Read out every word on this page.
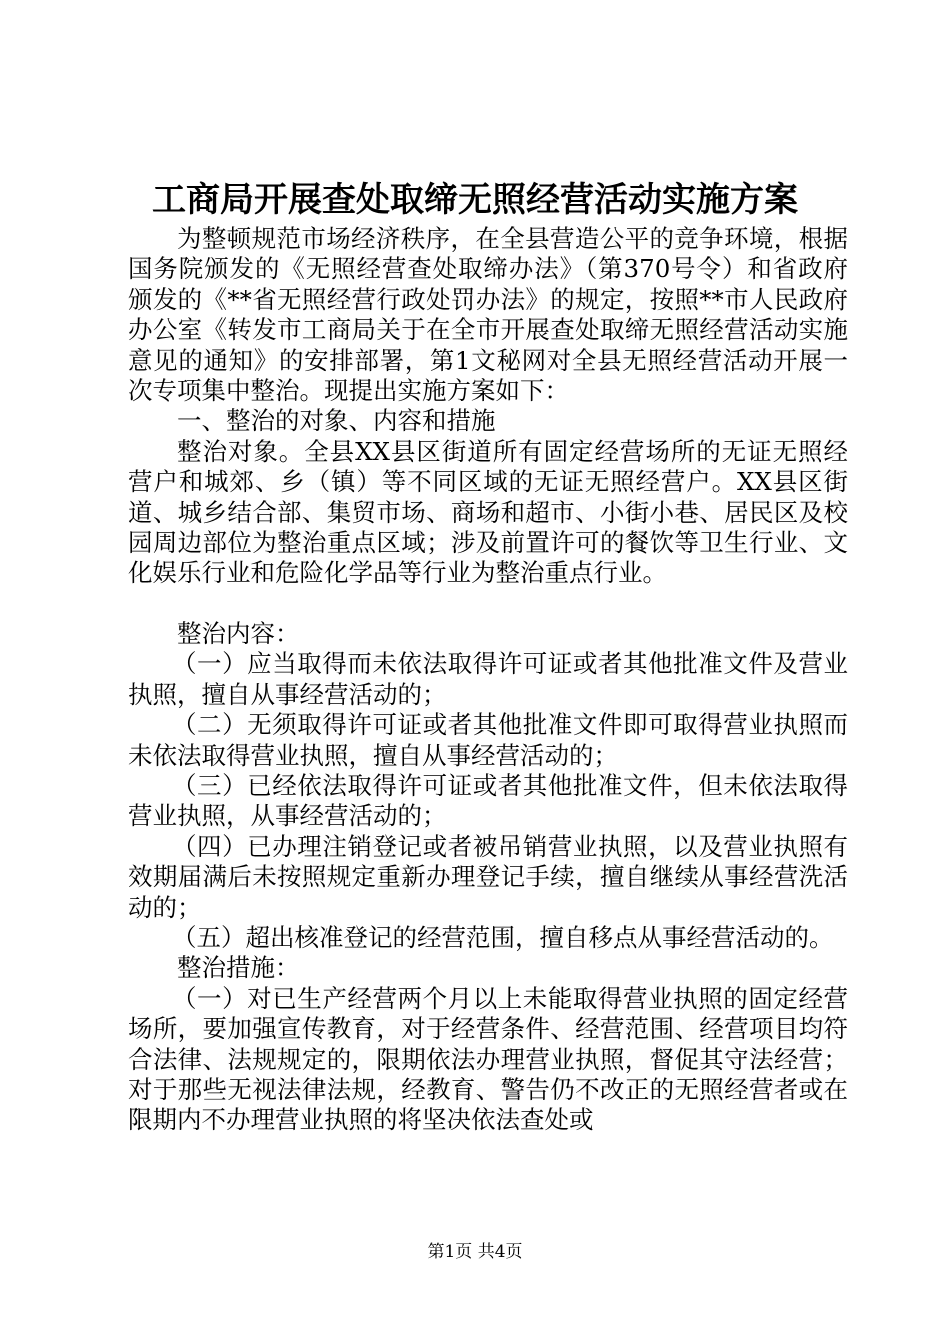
工商局开展查处取缔无照经营活动实施方案

为整顿规范市场经济秩序，在全县营造公平的竞争环境，根据国务院颁发的《无照经营查处取缔办法》（第370号令）和省政府颁发的《**省无照经营行政处罚办法》的规定，按照**市人民政府办公室《转发市工商局关于在全市开展查处取缔无照经营活动实施意见的通知》的安排部署，第1文秘网对全县无照经营活动开展一次专项集中整治。现提出实施方案如下：

一、整治的对象、内容和措施

整治对象。全县XX县区街道所有固定经营场所的无证无照经营户和城郊、乡（镇）等不同区域的无证无照经营户。XX县区街道、城乡结合部、集贸市场、商场和超市、小街小巷、居民区及校园周边部位为整治重点区域；涉及前置许可的餐饮等卫生行业、文化娱乐行业和危险化学品等行业为整治重点行业。

整治内容：

（一）应当取得而未依法取得许可证或者其他批准文件及营业执照，擅自从事经营活动的；

（二）无须取得许可证或者其他批准文件即可取得营业执照而未依法取得营业执照，擅自从事经营活动的；

（三）已经依法取得许可证或者其他批准文件，但未依法取得营业执照，从事经营活动的；

（四）已办理注销登记或者被吊销营业执照，以及营业执照有效期届满后未按照规定重新办理登记手续，擅自继续从事经营洗活动的；

（五）超出核准登记的经营范围，擅自移点从事经营活动的。

整治措施：

（一）对已生产经营两个月以上未能取得营业执照的固定经营场所，要加强宣传教育，对于经营条件、经营范围、经营项目均符合法律、法规规定的，限期依法办理营业执照，督促其守法经营；对于那些无视法律法规，经教育、警告仍不改正的无照经营者或在限期内不办理营业执照的将坚决依法查处或

第1页 共4页
